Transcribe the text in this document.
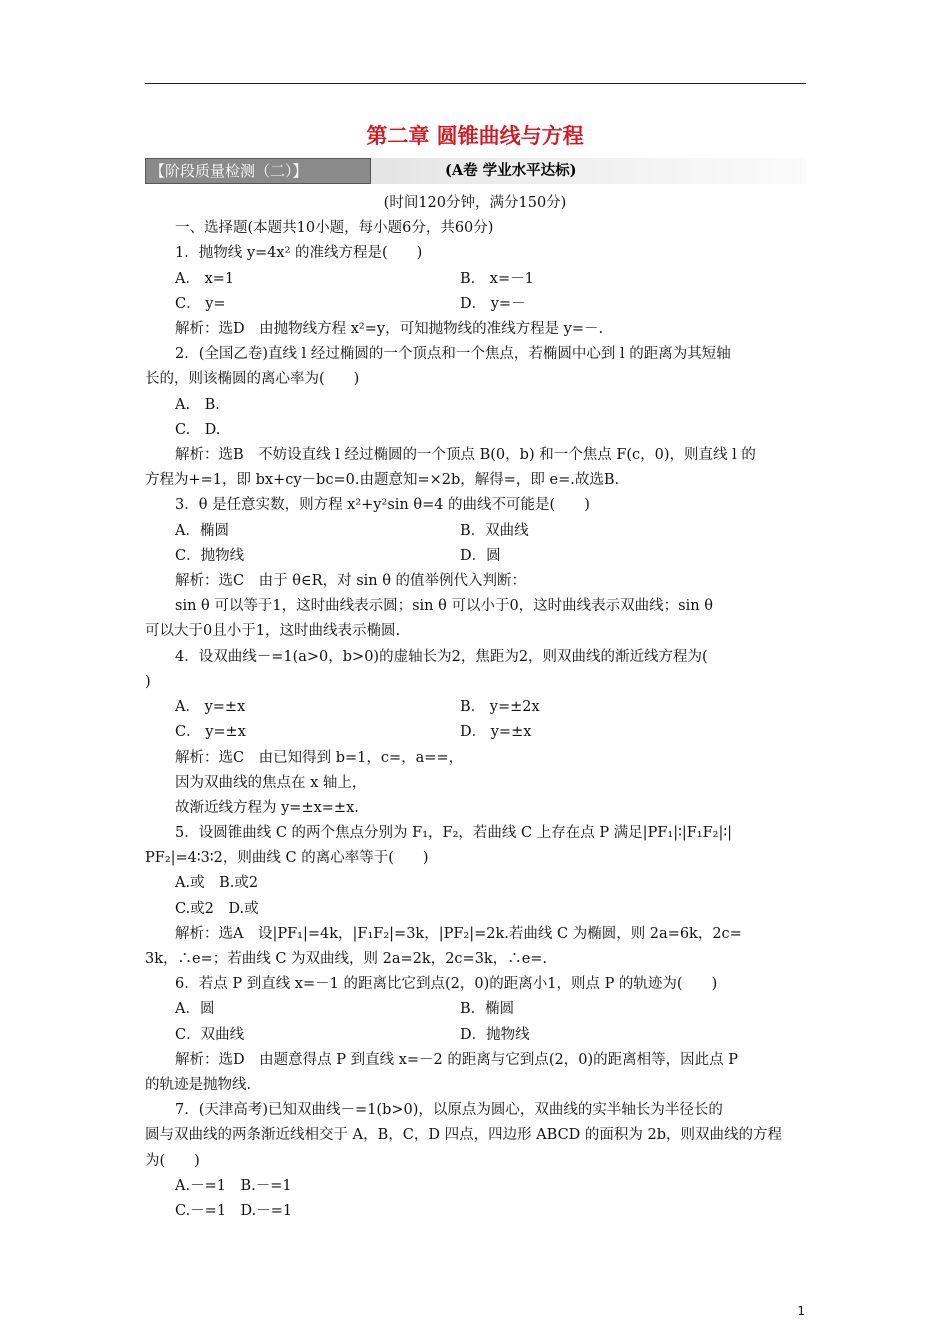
第二章 圆锥曲线与方程
【阶段质量检测（二）】	(A卷 学业水平达标)
(时间120分钟，满分150分)
一、选择题(本题共10小题，每小题6分，共60分)
1．抛物线 y=4x² 的准线方程是(　　)
A． x=1	B． x=－1
C． y=	D． y=－
解析：选D　由抛物线方程 x²=y，可知抛物线的准线方程是 y=－.
2．(全国乙卷)直线 l 经过椭圆的一个顶点和一个焦点，若椭圆中心到 l 的距离为其短轴
长的，则该椭圆的离心率为(　　)
A.　B.
C.　D.
解析：选B　不妨设直线 l 经过椭圆的一个顶点 B(0，b) 和一个焦点 F(c，0)，则直线 l 的
方程为+=1，即 bx+cy－bc=0.由题意知=×2b，解得=，即 e=.故选B.
3．θ 是任意实数，则方程 x²+y²sin θ=4 的曲线不可能是(　　)
A．椭圆	B．双曲线
C．抛物线	D．圆
解析：选C　由于 θ∈R，对 sin θ 的值举例代入判断：
sin θ 可以等于1，这时曲线表示圆；sin θ 可以小于0，这时曲线表示双曲线；sin θ
可以大于0且小于1，这时曲线表示椭圆.
4．设双曲线－=1(a>0，b>0)的虚轴长为2，焦距为2，则双曲线的渐近线方程为(
)
A． y=±x	B． y=±2x
C． y=±x	D． y=±x
解析：选C　由已知得到 b=1，c=，a==，
因为双曲线的焦点在 x 轴上，
故渐近线方程为 y=±x=±x.
5．设圆锥曲线 C 的两个焦点分别为 F₁，F₂，若曲线 C 上存在点 P 满足|PF₁|∶|F₁F₂|∶|
PF₂|=4∶3∶2，则曲线 C 的离心率等于(　　)
A.或　B.或2
C.或2　D.或
解析：选A　设|PF₁|=4k，|F₁F₂|=3k，|PF₂|=2k.若曲线 C 为椭圆，则 2a=6k，2c=
3k，∴e=；若曲线 C 为双曲线，则 2a=2k，2c=3k，∴e=.
6．若点 P 到直线 x=－1 的距离比它到点(2，0)的距离小1，则点 P 的轨迹为(　　)
A．圆	B．椭圆
C．双曲线	D．抛物线
解析：选D　由题意得点 P 到直线 x=－2 的距离与它到点(2，0)的距离相等，因此点 P
的轨迹是抛物线.
7．(天津高考)已知双曲线－=1(b>0)，以原点为圆心，双曲线的实半轴长为半径长的
圆与双曲线的两条渐近线相交于 A，B，C，D 四点，四边形 ABCD 的面积为 2b，则双曲线的方程
为(　　)
A.－=1　B.－=1
C.－=1　D.－=1
1
